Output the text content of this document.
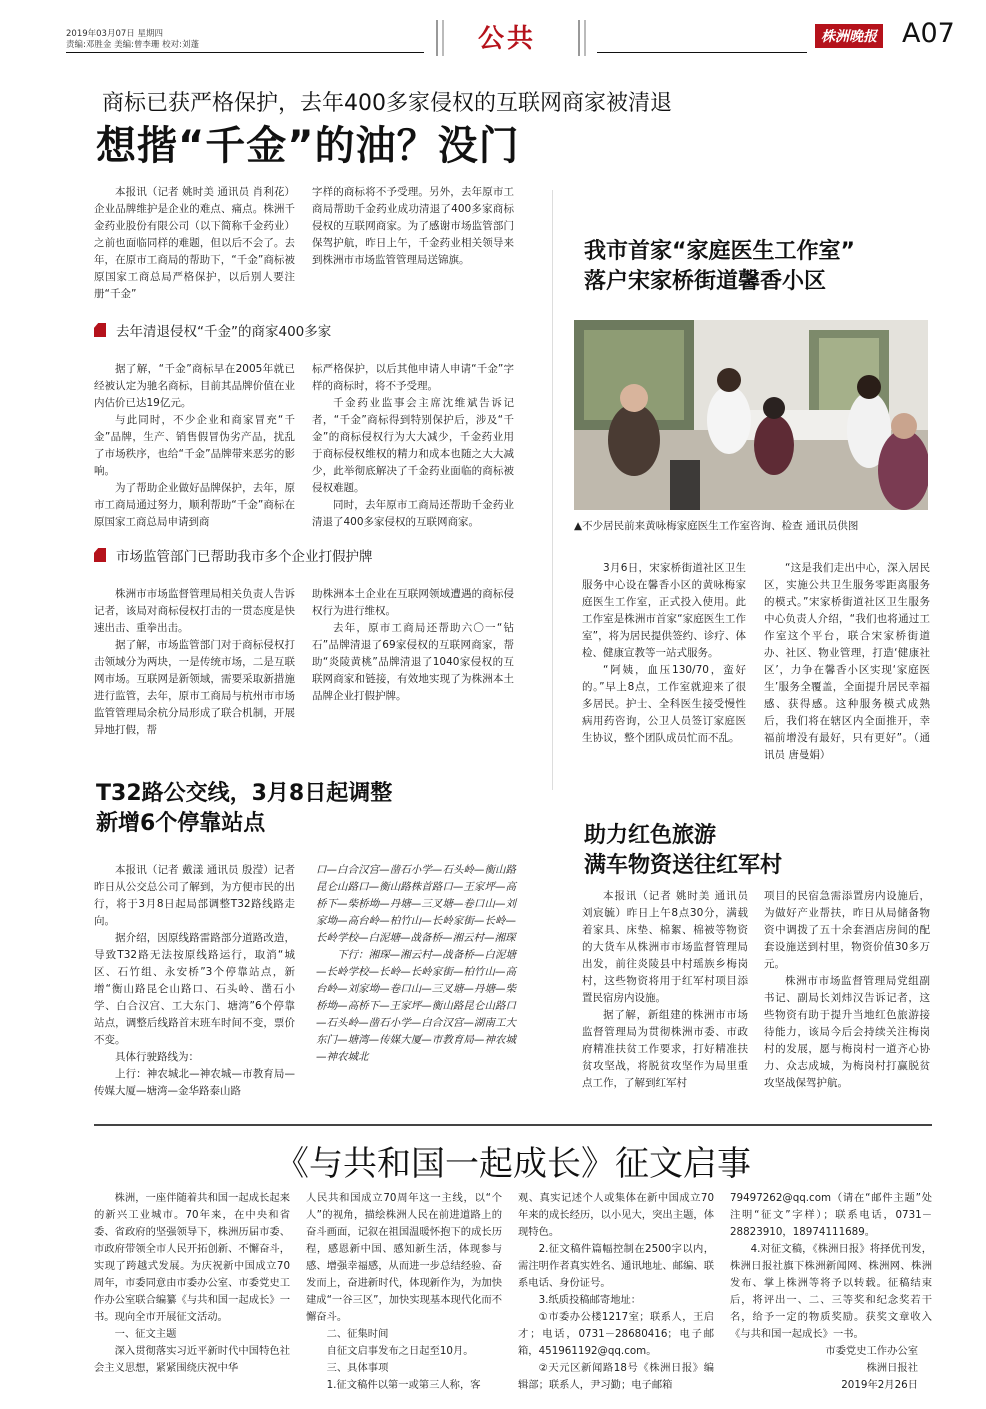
2019年03月07日 星期四
责编:邓胜金 美编:曾李珊 校对:刘蓬	公共	株洲晚报 A07
商标已获严格保护，去年400多家侵权的互联网商家被清退
想揩“千金”的油？没门

本报讯（记者 姚时美 通讯员 肖利花）企业品牌维护是企业的难点、痛点。株洲千金药业股份有限公司（以下简称千金药业）之前也面临同样的难题，但以后不会了。去年，在原市工商局的帮助下，“千金”商标被原国家工商总局严格保护，以后别人要注册“千金”

字样的商标将不予受理。另外，去年原市工商局帮助千金药业成功清退了400多家商标侵权的互联网商家。为了感谢市场监管部门保驾护航，昨日上午，千金药业相关领导来到株洲市市场监管管理局送锦旗。

去年清退侵权“千金”的商家400多家

据了解，“千金”商标早在2005年就已经被认定为驰名商标，目前其品牌价值在业内估价已达19亿元。

与此同时，不少企业和商家冒充“千金”品牌，生产、销售假冒伪劣产品，扰乱了市场秩序，也给“千金”品牌带来恶劣的影响。

为了帮助企业做好品牌保护，去年，原市工商局通过努力，顺利帮助“千金”商标在原国家工商总局申请到商

标严格保护，以后其他申请人申请“千金”字样的商标时，将不予受理。

千金药业监事会主席沈维斌告诉记者，“千金”商标得到特别保护后，涉及“千金”的商标侵权行为大大减少，千金药业用于商标侵权维权的精力和成本也随之大大减少，此举彻底解决了千金药业面临的商标被侵权难题。

同时，去年原市工商局还帮助千金药业清退了400多家侵权的互联网商家。

市场监管部门已帮助我市多个企业打假护牌

株洲市市场监督管理局相关负责人告诉记者，该局对商标侵权打击的一贯态度是快速出击、重拳出击。

据了解，市场监管部门对于商标侵权打击领域分为两块，一是传统市场，二是互联网市场。互联网是新领域，需要采取新措施进行监管，去年，原市工商局与杭州市市场监管管理局余杭分局形成了联合机制，开展异地打假，帮

助株洲本土企业在互联网领域遭遇的商标侵权行为进行维权。

去年，原市工商局还帮助六〇一“钻石”品牌清退了69家侵权的互联网商家，帮助“炎陵黄桃”品牌清退了1040家侵权的互联网商家和链接，有效地实现了为株洲本土品牌企业打假护牌。

我市首家“家庭医生工作室”
落户宋家桥街道馨香小区
▲不少居民前来黄咏梅家庭医生工作室咨询、检查 通讯员供图

3月6日，宋家桥街道社区卫生服务中心设在馨香小区的黄咏梅家庭医生工作室，正式投入使用。此工作室是株洲市首家“家庭医生工作室”，将为居民提供签约、诊疗、体检、健康宣教等一站式服务。

“阿姨，血压130/70，蛮好的。”早上8点，工作室就迎来了很多居民。护士、全科医生接受慢性病用药咨询，公卫人员签订家庭医生协议，整个团队成员忙而不乱。

“这是我们走出中心，深入居民区，实施公共卫生服务零距离服务的模式。”宋家桥街道社区卫生服务中心负责人介绍，“我们也将通过工作室这个平台，联合宋家桥街道办、社区、物业管理，打造‘健康社区’，力争在馨香小区实现‘家庭医生’服务全覆盖，全面提升居民幸福感、获得感。这种服务模式成熟后，我们将在辖区内全面推开，幸福前增没有最好，只有更好”。（通讯员 唐曼娟）

T32路公交线，3月8日起调整
新增6个停靠站点

本报讯（记者 戴漾 通讯员 殷滢）记者昨日从公交总公司了解到，为方便市民的出行，将于3月8日起局部调整T32路线路走向。

据介绍，因原线路雷路部分道路改造，导致T32路无法按原线路运行，取消“城区、石竹组、永安桥”3个停靠站点，新增“衡山路昆仑山路口、石头岭、凿石小学、白合汉宫、工大东门、塘湾”6个停靠站点，调整后线路首末班车时间不变，票价不变。

具体行驶路线为：

上行：神农城北—神农城—市教育局—传媒大厦—塘湾—金华路泰山路

口—白合汉宫—凿石小学—石头岭—衡山路昆仑山路口—衡山路株首路口—王家坪—高桥下—柴桥坳—丹塘—三叉塘—卷口山—刘家坳—高台岭—柏竹山—长岭家街—长岭—长岭学校—白泥塘—战备桥—湘云村—湘琛

下行：湘琛—湘云村—战备桥—白泥塘—长岭学校—长岭—长岭家街—柏竹山—高台岭—刘家坳—卷口山—三叉塘—丹塘—柴桥坳—高桥下—王家坪—衡山路昆仑山路口—石头岭—凿石小学—白合汉宫—湖南工大东门—塘湾—传媒大厦—市教育局—神农城—神农城北

助力红色旅游
满车物资送往红军村

本报讯（记者 姚时美 通讯员 刘宸毓）昨日上午8点30分，满载着家具、床垫、棉絮、棉被等物资的大货车从株洲市市场监督管理局出发，前往炎陵县中村瑶族乡梅岗村，这些物资将用于红军村项目添置民宿房内设施。

据了解，新组建的株洲市市场监督管理局为贯彻株洲市委、市政府精准扶贫工作要求，打好精准扶贫攻坚战，将脱贫攻坚作为局里重点工作，了解到红军村

项目的民宿急需添置房内设施后，为做好产业帮扶，昨日从局储备物资中调拨了五十余套酒店房间的配套设施送到村里，物资价值30多万元。

株洲市市场监督管理局党组副书记、副局长刘炜汉告诉记者，这些物资有助于提升当地红色旅游接待能力，该局今后会持续关注梅岗村的发展，愿与梅岗村一道齐心协力、众志成城，为梅岗村打赢脱贫攻坚战保驾护航。

《与共和国一起成长》征文启事

株洲，一座伴随着共和国一起成长起来的新兴工业城市。70年来，在中央和省委、省政府的坚强领导下，株洲历届市委、市政府带领全市人民开拓创新、不懈奋斗，实现了跨越式发展。为庆祝新中国成立70周年，市委同意由市委办公室、市委党史工作办公室联合编纂《与共和国一起成长》一书。现向全市开展征文活动。

一、征文主题

深入贯彻落实习近平新时代中国特色社会主义思想，紧紧围绕庆祝中华

人民共和国成立70周年这一主线，以“个人”的视角，描绘株洲人民在前进道路上的奋斗画面，记叙在祖国温暖怀抱下的成长历程，感恩新中国、感知新生活，体现参与感、增强幸福感，从而进一步总结经验、奋发而上，奋进新时代，体现新作为，为加快建成“一谷三区”，加快实现基本现代化而不懈奋斗。

二、征集时间

自征文启事发布之日起至10月。

三、具体事项

1.征文稿件以第一或第三人称，客

观、真实记述个人或集体在新中国成立70年来的成长经历，以小见大，突出主题，体现特色。

2.征文稿件篇幅控制在2500字以内，需注明作者真实姓名、通讯地址、邮编、联系电话、身份证号。

3.纸质投稿邮寄地址：

①市委办公楼1217室；联系人，王启才；电话，0731－28680416；电子邮箱，451961192@qq.com。

②天元区新闻路18号《株洲日报》编辑部；联系人，尹习勤；电子邮箱

79497262@qq.com（请在“邮件主题”处注明“征文”字样）；联系电话，0731－28823910，18974111689。

4.对征文稿，《株洲日报》将择优刊发，株洲日报社旗下株洲新闻网、株洲网、株洲发布、掌上株洲等将予以转载。征稿结束后，将评出一、二、三等奖和纪念奖若干名，给予一定的物质奖励。获奖文章收入《与共和国一起成长》一书。

市委党史工作办公室

株洲日报社

2019年2月26日
